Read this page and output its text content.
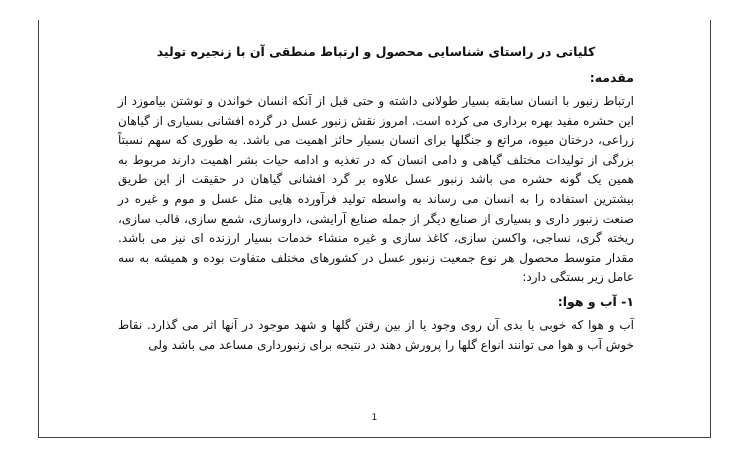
کلیاتی در راستای شناسایی محصول و ارتباط منطقی آن با زنجیره تولید
مقدمه:

ارتباط زنبور با انسان سابقه بسیار طولانی داشته و حتی قبل از آنکه انسان خواندن و نوشتن بیاموزد از این حشره مفید بهره برداری می کرده است. امروز نقش زنبور عسل در گرده افشانی بسیاری از گیاهان زراعی، درختان میوه، مراتع و جنگلها برای انسان بسیار حائز اهمیت می باشد. به طوری که سهم نسبتاً بزرگی از تولیدات مختلف گیاهی و دامی انسان که در تغذیه و ادامه حیات بشر اهمیت دارند مربوط به همین یک گونه حشره می باشد زنبور عسل علاوه بر گرد افشانی گیاهان در حقیقت از این طریق بیشترین استفاده را به انسان می رساند به واسطه تولید فرآورده هایی مثل عسل و موم و غیره در صنعت زنبور داری و بسیاری از صنایع دیگر از جمله صنایع آرایشی، داروسازی، شمع سازی، قالب سازی، ریخته گری، نساجی، واکسن سازی، کاغذ سازی و غیره منشاء خدمات بسیار ارزنده ای نیز می باشد. مقدار متوسط محصول هر نوع جمعیت زنبور عسل در کشورهای مختلف متفاوت بوده و همیشه به سه عامل زیر بستگی دارد:

۱- آب و هوا:

آب و هوا که خوبی یا بدی آن روی وجود یا از بین رفتن گلها و شهد موجود در آنها اثر می گذارد. نقاط خوش آب و هوا می توانند انواع گلها را پرورش دهند در نتیجه برای زنبورداری مساعد می باشد ولی

1
